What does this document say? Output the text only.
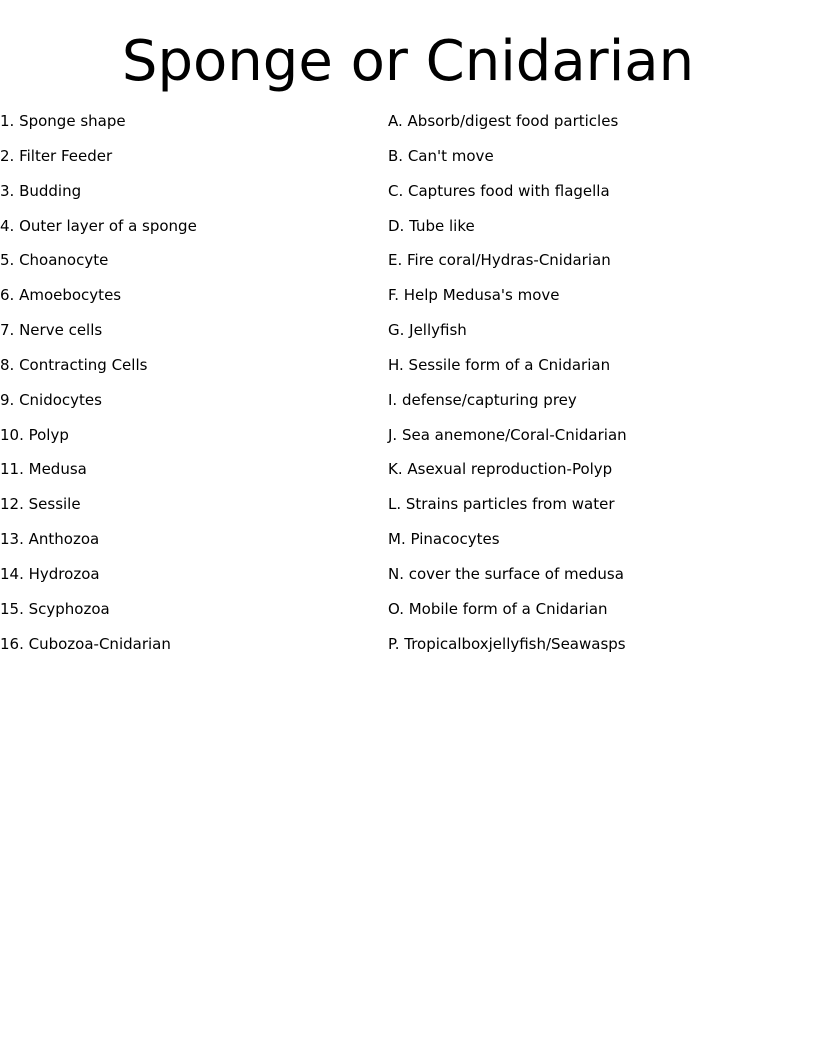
Sponge or Cnidarian
1. Sponge shape
2. Filter Feeder
3. Budding
4. Outer layer of a sponge
5. Choanocyte
6. Amoebocytes
7. Nerve cells
8. Contracting Cells
9. Cnidocytes
10. Polyp
11. Medusa
12. Sessile
13. Anthozoa
14. Hydrozoa
15. Scyphozoa
16. Cubozoa-Cnidarian
A. Absorb/digest food particles
B. Can't move
C. Captures food with flagella
D. Tube like
E. Fire coral/Hydras-Cnidarian
F. Help Medusa's move
G. Jellyfish
H. Sessile form of a Cnidarian
I. defense/capturing prey
J. Sea anemone/Coral-Cnidarian
K. Asexual reproduction-Polyp
L. Strains particles from water
M. Pinacocytes
N. cover the surface of medusa
O. Mobile form of a Cnidarian
P. Tropicalboxjellyfish/Seawasps
